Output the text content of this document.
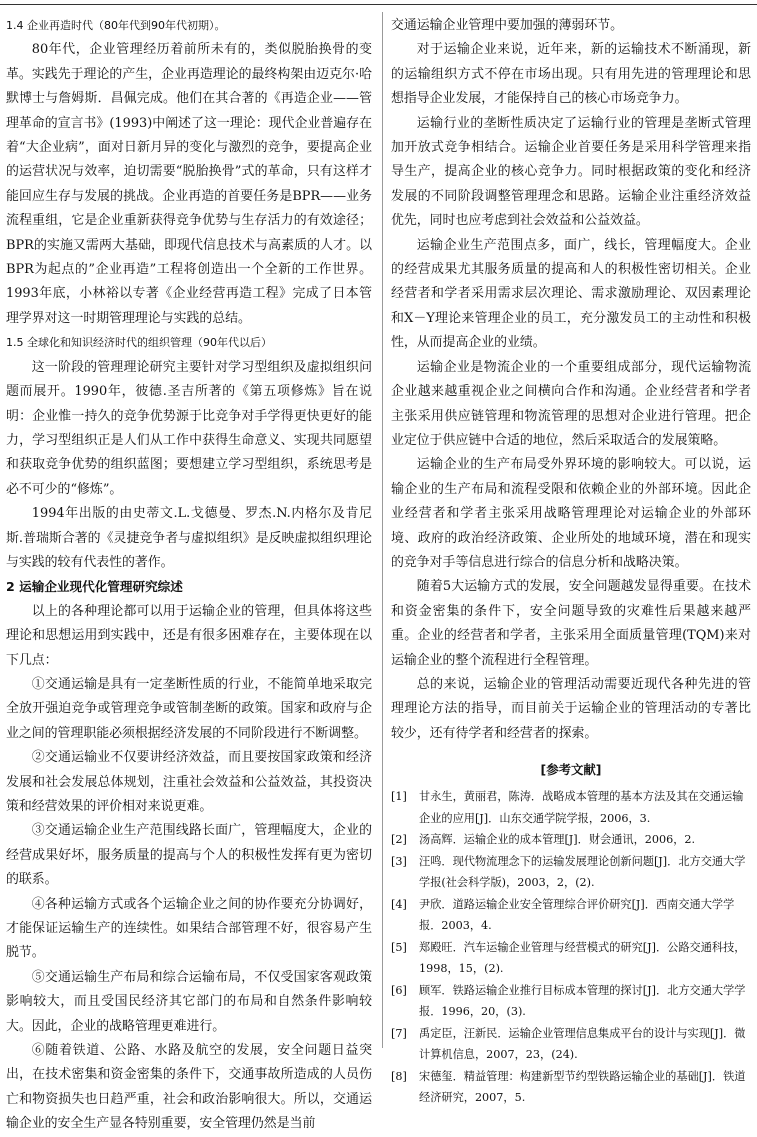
1.4 企业再造时代（80年代到90年代初期）。

80年代，企业管理经历着前所未有的，类似脱胎换骨的变革。实践先于理论的产生，企业再造理论的最终构架由迈克尔·哈默博士与詹姆斯．昌佩完成。他们在其合著的《再造企业——管理革命的宣言书》(1993)中阐述了这一理论：现代企业普遍存在着“大企业病”，面对日新月异的变化与激烈的竞争，要提高企业的运营状况与效率，迫切需要“脱胎换骨”式的革命，只有这样才能回应生存与发展的挑战。企业再造的首要任务是BPR——业务流程重组，它是企业重新获得竞争优势与生存活力的有效途径；BPR的实施又需两大基础，即现代信息技术与高素质的人才。以BPR为起点的”企业再造”工程将创造出一个全新的工作世界。1993年底，小林裕以专著《企业经营再造工程》完成了日本管理学界对这一时期管理理论与实践的总结。

1.5 全球化和知识经济时代的组织管理（90年代以后）

这一阶段的管理理论研究主要针对学习型组织及虚拟组织问题而展开。1990年，彼德.圣吉所著的《第五项修炼》旨在说明：企业惟一持久的竞争优势源于比竞争对手学得更快更好的能力，学习型组织正是人们从工作中获得生命意义、实现共同愿望和获取竞争优势的组织蓝图；要想建立学习型组织，系统思考是必不可少的“修炼”。

1994年出版的由史蒂文.L.戈德曼、罗杰.N.内格尔及肯尼斯.普瑞斯合著的《灵捷竞争者与虚拟组织》是反映虚拟组织理论与实践的较有代表性的著作。

2 运输企业现代化管理研究综述

以上的各种理论都可以用于运输企业的管理，但具体将这些理论和思想运用到实践中，还是有很多困难存在，主要体现在以下几点：

①交通运输是具有一定垄断性质的行业，不能简单地采取完全放开强迫竞争或管理竞争或管制垄断的政策。国家和政府与企业之间的管理职能必须根据经济发展的不同阶段进行不断调整。

②交通运输业不仅要讲经济效益，而且要按国家政策和经济发展和社会发展总体规划，注重社会效益和公益效益，其投资决策和经营效果的评价相对来说更难。

③交通运输企业生产范围线路长面广，管理幅度大，企业的经营成果好坏，服务质量的提高与个人的积极性发挥有更为密切的联系。

④各种运输方式或各个运输企业之间的协作要充分协调好，才能保证运输生产的连续性。如果结合部管理不好，很容易产生脱节。

⑤交通运输生产布局和综合运输布局，不仅受国家客观政策影响较大，而且受国民经济其它部门的布局和自然条件影响较大。因此，企业的战略管理更难进行。

⑥随着铁道、公路、水路及航空的发展，安全问题日益突出，在技术密集和资金密集的条件下，交通事故所造成的人员伤亡和物资损失也日趋严重，社会和政治影响很大。所以，交通运输企业的安全生产显各特别重要，安全管理仍然是当前

交通运输企业管理中要加强的薄弱环节。

对于运输企业来说，近年来，新的运输技术不断涌现，新的运输组织方式不停在市场出现。只有用先进的管理理论和思想指导企业发展，才能保持自己的核心市场竞争力。

运输行业的垄断性质决定了运输行业的管理是垄断式管理加开放式竞争相结合。运输企业首要任务是采用科学管理来指导生产，提高企业的核心竞争力。同时根据政策的变化和经济发展的不同阶段调整管理理念和思路。运输企业注重经济效益优先，同时也应考虑到社会效益和公益效益。

运输企业生产范围点多，面广，线长，管理幅度大。企业的经营成果尤其服务质量的提高和人的积极性密切相关。企业经营者和学者采用需求层次理论、需求激励理论、双因素理论和X－Y理论来管理企业的员工，充分激发员工的主动性和积极性，从而提高企业的业绩。

运输企业是物流企业的一个重要组成部分，现代运输物流企业越来越重视企业之间横向合作和沟通。企业经营者和学者主张采用供应链管理和物流管理的思想对企业进行管理。把企业定位于供应链中合适的地位，然后采取适合的发展策略。

运输企业的生产布局受外界环境的影响较大。可以说，运输企业的生产布局和流程受限和依赖企业的外部环境。因此企业经营者和学者主张采用战略管理理论对运输企业的外部环境、政府的政治经济政策、企业所处的地域环境，潜在和现实的竞争对手等信息进行综合的信息分析和战略决策。

随着5大运输方式的发展，安全问题越发显得重要。在技术和资金密集的条件下，安全问题导致的灾难性后果越来越严重。企业的经营者和学者，主张采用全面质量管理(TQM)来对运输企业的整个流程进行全程管理。

总的来说，运输企业的管理活动需要近现代各种先进的管理理论方法的指导，而目前关于运输企业的管理活动的专著比较少，还有待学者和经营者的探索。

[参考文献]
[1] 甘永生，黄丽君，陈涛．战略成本管理的基本方法及其在交通运输企业的应用[J]．山东交通学院学报，2006，3.
[2] 汤高辉．运输企业的成本管理[J]．财会通讯，2006，2.
[3] 汪鸣．现代物流理念下的运输发展理论创新问题[J]．北方交通大学学报(社会科学版)，2003，2，(2).
[4] 尹欣．道路运输企业安全管理综合评价研究[J]．西南交通大学学报．2003，4.
[5] 郑殿旺．汽车运输企业管理与经营模式的研究[J]．公路交通科技，1998，15，(2).
[6] 顾军．铁路运输企业推行目标成本管理的探讨[J]．北方交通大学学报．1996，20，(3).
[7] 禹定臣，汪新民．运输企业管理信息集成平台的设计与实现[J]．微计算机信息，2007，23，(24).
[8] 宋德玺．精益管理：构建新型节约型铁路运输企业的基础[J]．铁道经济研究，2007，5.
